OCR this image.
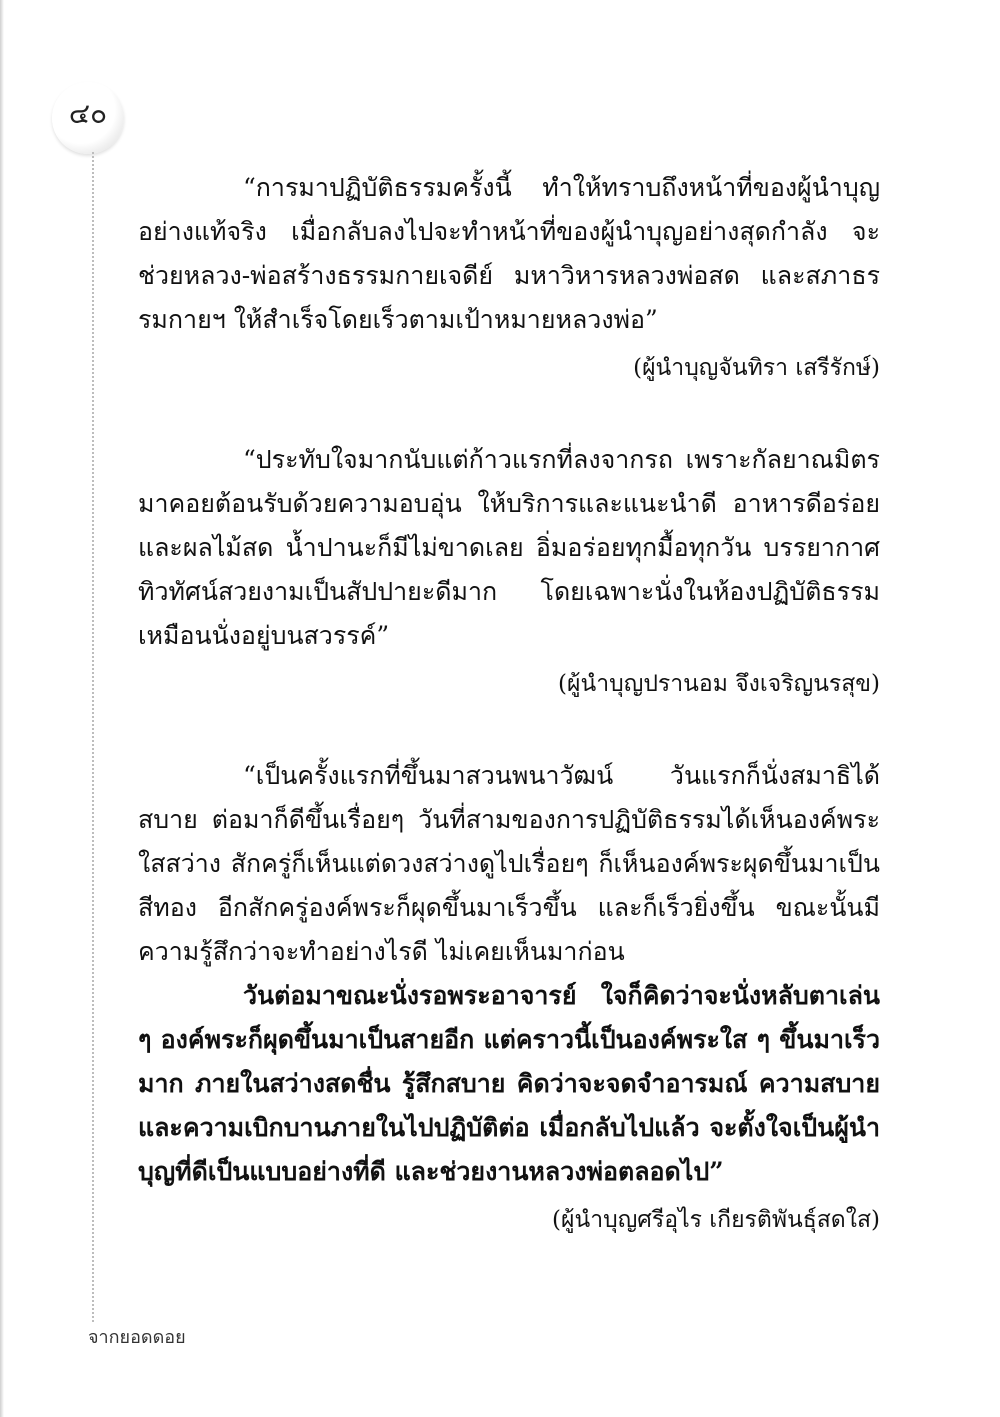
๔๐

“การมาปฏิบัติธรรมครั้งนี้ ทำให้ทราบถึงหน้าที่ของผู้นำบุญอย่างแท้จริง เมื่อกลับลงไปจะทำหน้าที่ของผู้นำบุญอย่างสุดกำลัง จะช่วยหลวง-พ่อสร้างธรรมกายเจดีย์ มหาวิหารหลวงพ่อสด และสภาธรรมกายฯ ให้สำเร็จโดยเร็วตามเป้าหมายหลวงพ่อ”

(ผู้นำบุญจันทิรา เสรีรักษ์)

“ประทับใจมากนับแต่ก้าวแรกที่ลงจากรถ เพราะกัลยาณมิตรมาคอยต้อนรับด้วยความอบอุ่น ให้บริการและแนะนำดี อาหารดีอร่อยและผลไม้สด น้ำปานะก็มีไม่ขาดเลย อิ่มอร่อยทุกมื้อทุกวัน บรรยากาศทิวทัศน์สวยงามเป็นสัปปายะดีมาก โดยเฉพาะนั่งในห้องปฏิบัติธรรมเหมือนนั่งอยู่บนสวรรค์”

(ผู้นำบุญปรานอม จึงเจริญนรสุข)

“เป็นครั้งแรกที่ขึ้นมาสวนพนาวัฒน์ วันแรกก็นั่งสมาธิได้สบาย ต่อมาก็ดีขึ้นเรื่อยๆ วันที่สามของการปฏิบัติธรรมได้เห็นองค์พระใสสว่าง สักครู่ก็เห็นแต่ดวงสว่างดูไปเรื่อยๆ ก็เห็นองค์พระผุดขึ้นมาเป็นสีทอง อีกสักครู่องค์พระก็ผุดขึ้นมาเร็วขึ้น และก็เร็วยิ่งขึ้น ขณะนั้นมีความรู้สึกว่าจะทำอย่างไรดี ไม่เคยเห็นมาก่อน

วันต่อมาขณะนั่งรอพระอาจารย์ ใจก็คิดว่าจะนั่งหลับตาเล่น ๆ องค์พระก็ผุดขึ้นมาเป็นสายอีก แต่คราวนี้เป็นองค์พระใส ๆ ขึ้นมาเร็วมาก ภายในสว่างสดชื่น รู้สึกสบาย คิดว่าจะจดจำอารมณ์ ความสบายและความเบิกบานภายในไปปฏิบัติต่อ เมื่อกลับไปแล้ว จะตั้งใจเป็นผู้นำบุญที่ดีเป็นแบบอย่างที่ดี และช่วยงานหลวงพ่อตลอดไป”

(ผู้นำบุญศรีอุไร เกียรติพันธุ์สดใส)

จากยอดดอย
